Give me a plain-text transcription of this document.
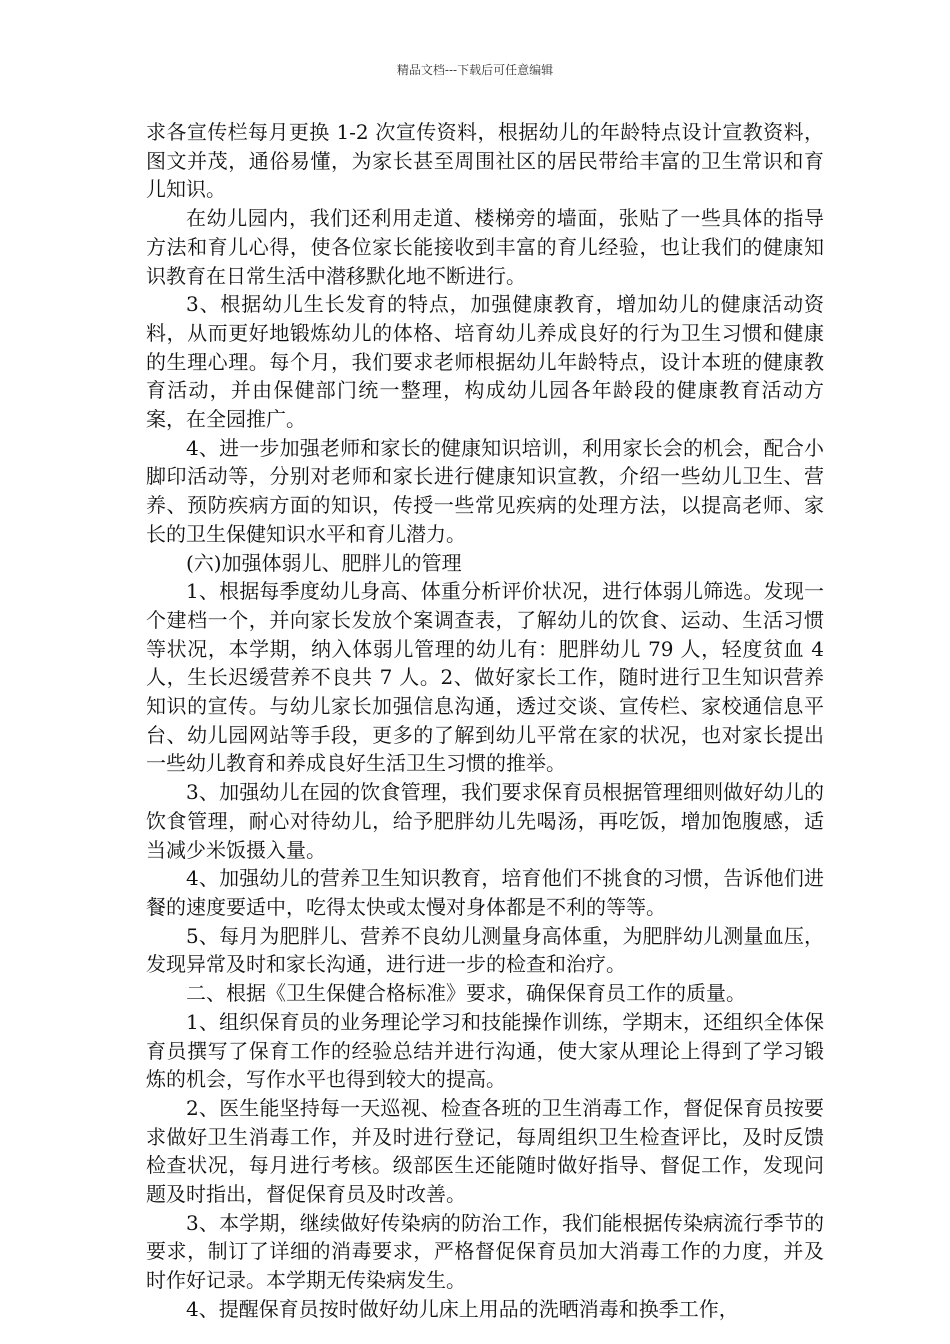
精品文档---下载后可任意编辑

求各宣传栏每月更换 1-2 次宣传资料，根据幼儿的年龄特点设计宣教资料，图文并茂，通俗易懂，为家长甚至周围社区的居民带给丰富的卫生常识和育儿知识。

在幼儿园内，我们还利用走道、楼梯旁的墙面，张贴了一些具体的指导方法和育儿心得，使各位家长能接收到丰富的育儿经验，也让我们的健康知识教育在日常生活中潜移默化地不断进行。

3、根据幼儿生长发育的特点，加强健康教育，增加幼儿的健康活动资料，从而更好地锻炼幼儿的体格、培育幼儿养成良好的行为卫生习惯和健康的生理心理。每个月，我们要求老师根据幼儿年龄特点，设计本班的健康教育活动，并由保健部门统一整理，构成幼儿园各年龄段的健康教育活动方案，在全园推广。

4、进一步加强老师和家长的健康知识培训，利用家长会的机会，配合小脚印活动等，分别对老师和家长进行健康知识宣教，介绍一些幼儿卫生、营养、预防疾病方面的知识，传授一些常见疾病的处理方法，以提高老师、家长的卫生保健知识水平和育儿潜力。

(六)加强体弱儿、肥胖儿的管理

1、根据每季度幼儿身高、体重分析评价状况，进行体弱儿筛选。发现一个建档一个，并向家长发放个案调查表，了解幼儿的饮食、运动、生活习惯等状况，本学期，纳入体弱儿管理的幼儿有：肥胖幼儿 79 人，轻度贫血 4 人，生长迟缓营养不良共 7 人。2、做好家长工作，随时进行卫生知识营养知识的宣传。与幼儿家长加强信息沟通，透过交谈、宣传栏、家校通信息平台、幼儿园网站等手段，更多的了解到幼儿平常在家的状况，也对家长提出一些幼儿教育和养成良好生活卫生习惯的推举。

3、加强幼儿在园的饮食管理，我们要求保育员根据管理细则做好幼儿的饮食管理，耐心对待幼儿，给予肥胖幼儿先喝汤，再吃饭，增加饱腹感，适当减少米饭摄入量。

4、加强幼儿的营养卫生知识教育，培育他们不挑食的习惯，告诉他们进餐的速度要适中，吃得太快或太慢对身体都是不利的等等。

5、每月为肥胖儿、营养不良幼儿测量身高体重，为肥胖幼儿测量血压，发现异常及时和家长沟通，进行进一步的检查和治疗。

二、根据《卫生保健合格标准》要求，确保保育员工作的质量。

1、组织保育员的业务理论学习和技能操作训练，学期末，还组织全体保育员撰写了保育工作的经验总结并进行沟通，使大家从理论上得到了学习锻炼的机会，写作水平也得到较大的提高。

2、医生能坚持每一天巡视、检查各班的卫生消毒工作，督促保育员按要求做好卫生消毒工作，并及时进行登记，每周组织卫生检查评比，及时反馈检查状况，每月进行考核。级部医生还能随时做好指导、督促工作，发现问题及时指出，督促保育员及时改善。

3、本学期，继续做好传染病的防治工作，我们能根据传染病流行季节的要求，制订了详细的消毒要求，严格督促保育员加大消毒工作的力度，并及时作好记录。本学期无传染病发生。

4、提醒保育员按时做好幼儿床上用品的洗晒消毒和换季工作，
